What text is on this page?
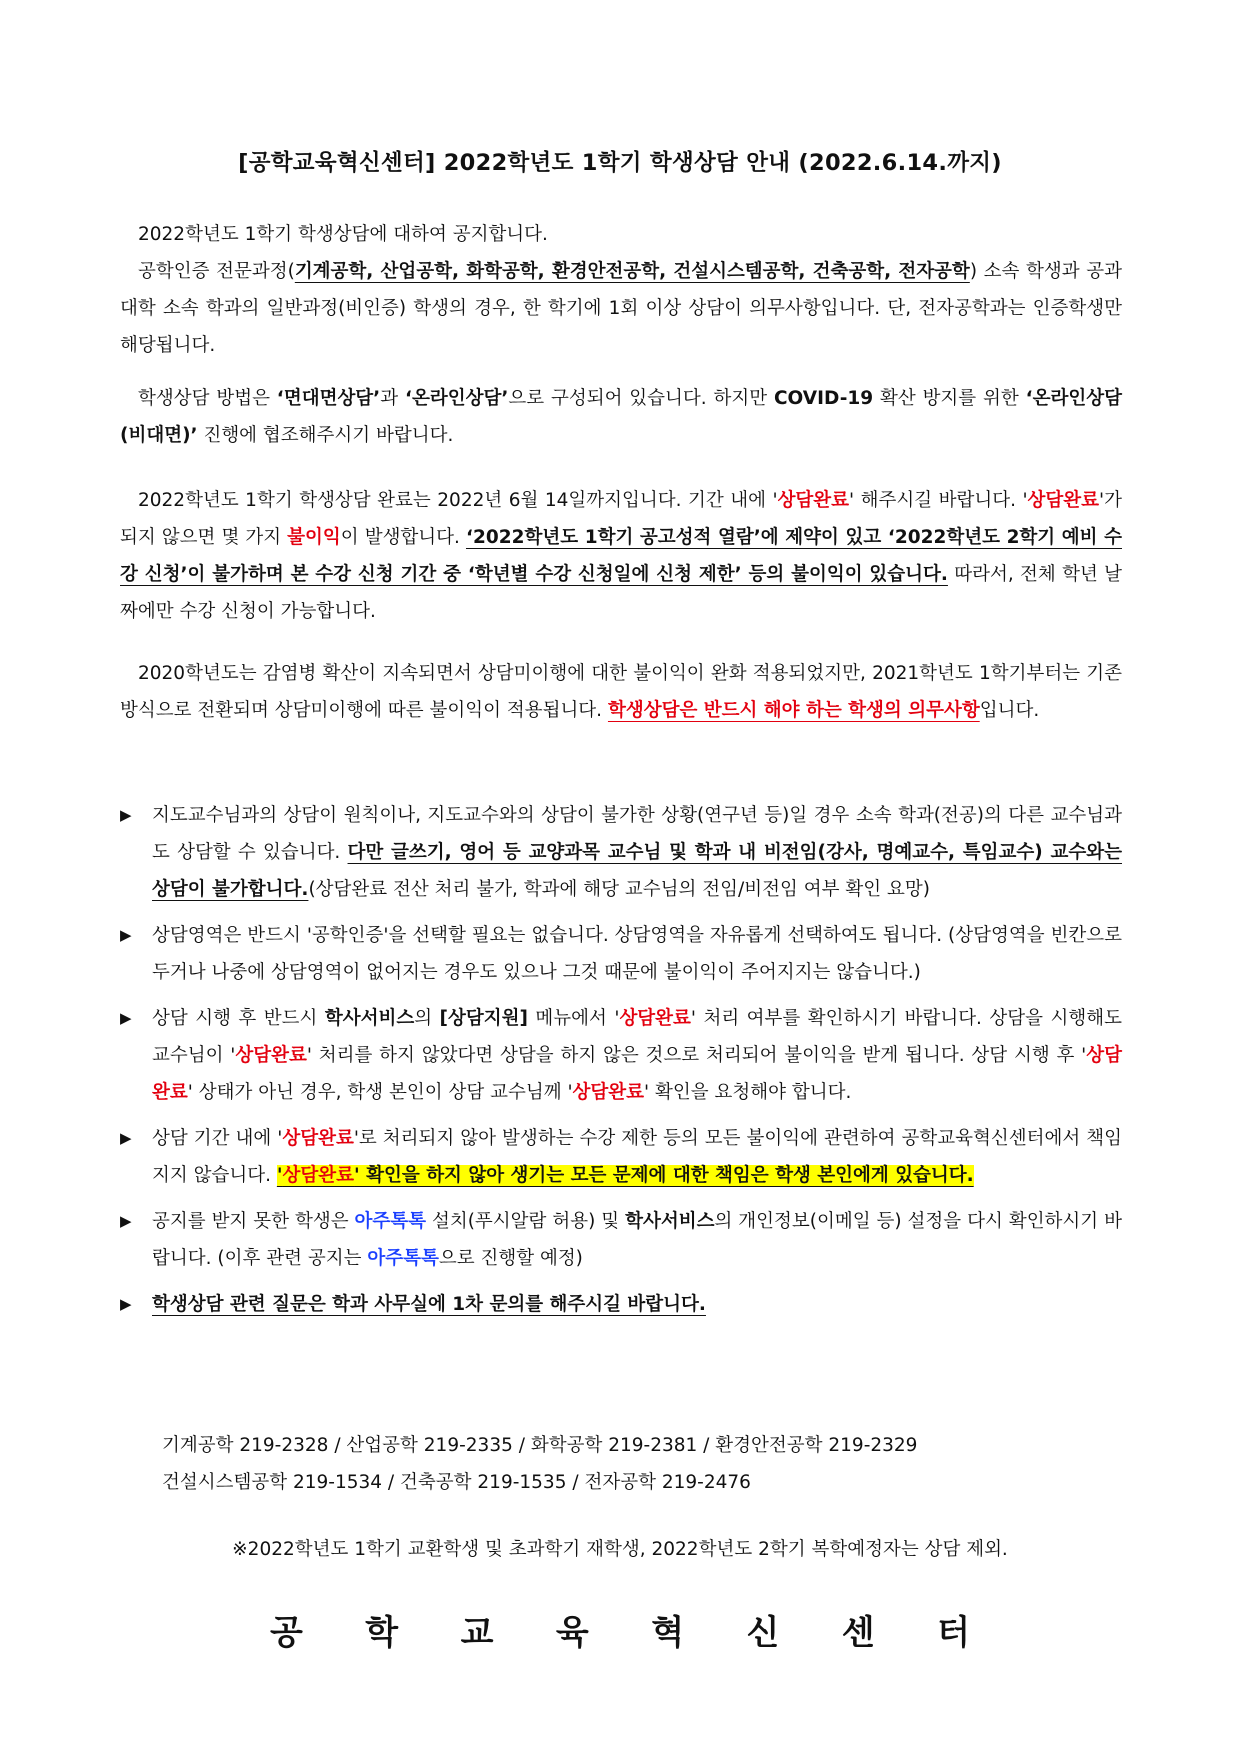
[공학교육혁신센터] 2022학년도 1학기 학생상담 안내 (2022.6.14.까지)
2022학년도 1학기 학생상담에 대하여 공지합니다.
공학인증 전문과정(기계공학, 산업공학, 화학공학, 환경안전공학, 건설시스템공학, 건축공학, 전자공학) 소속 학생과 공과대학 소속 학과의 일반과정(비인증) 학생의 경우, 한 학기에 1회 이상 상담이 의무사항입니다. 단, 전자공학과는 인증학생만 해당됩니다.
학생상담 방법은 ‘면대면상담’과 ‘온라인상담’으로 구성되어 있습니다. 하지만 COVID-19 확산 방지를 위한 ‘온라인상담(비대면)’ 진행에 협조해주시기 바랍니다.
2022학년도 1학기 학생상담 완료는 2022년 6월 14일까지입니다. 기간 내에 '상담완료' 해주시길 바랍니다. '상담완료'가 되지 않으면 몇 가지 불이익이 발생합니다. ‘2022학년도 1학기 공고성적 열람’에 제약이 있고 ‘2022학년도 2학기 예비 수강 신청’이 불가하며 본 수강 신청 기간 중 ‘학년별 수강 신청일에 신청 제한’ 등의 불이익이 있습니다. 따라서, 전체 학년 날짜에만 수강 신청이 가능합니다.
2020학년도는 감염병 확산이 지속되면서 상담미이행에 대한 불이익이 완화 적용되었지만, 2021학년도 1학기부터는 기존 방식으로 전환되며 상담미이행에 따른 불이익이 적용됩니다. 학생상담은 반드시 해야 하는 학생의 의무사항입니다.
▶ 지도교수님과의 상담이 원칙이나, 지도교수와의 상담이 불가한 상황(연구년 등)일 경우 소속 학과(전공)의 다른 교수님과도 상담할 수 있습니다. 다만 글쓰기, 영어 등 교양과목 교수님 및 학과 내 비전임(강사, 명예교수, 특임교수) 교수와는 상담이 불가합니다.(상담완료 전산 처리 불가, 학과에 해당 교수님의 전임/비전임 여부 확인 요망)
▶ 상담영역은 반드시 '공학인증'을 선택할 필요는 없습니다. 상담영역을 자유롭게 선택하여도 됩니다. (상담영역을 빈칸으로 두거나 나중에 상담영역이 없어지는 경우도 있으나 그것 때문에 불이익이 주어지지는 않습니다.)
▶ 상담 시행 후 반드시 학사서비스의 [상담지원] 메뉴에서 '상담완료' 처리 여부를 확인하시기 바랍니다. 상담을 시행해도 교수님이 '상담완료' 처리를 하지 않았다면 상담을 하지 않은 것으로 처리되어 불이익을 받게 됩니다. 상담 시행 후 '상담완료' 상태가 아닌 경우, 학생 본인이 상담 교수님께 '상담완료' 확인을 요청해야 합니다.
▶ 상담 기간 내에 '상담완료'로 처리되지 않아 발생하는 수강 제한 등의 모든 불이익에 관련하여 공학교육혁신센터에서 책임지지 않습니다. '상담완료' 확인을 하지 않아 생기는 모든 문제에 대한 책임은 학생 본인에게 있습니다.
▶ 공지를 받지 못한 학생은 아주톡톡 설치(푸시알람 허용) 및 학사서비스의 개인정보(이메일 등) 설정을 다시 확인하시기 바랍니다. (이후 관련 공지는 아주톡톡으로 진행할 예정)
▶ 학생상담 관련 질문은 학과 사무실에 1차 문의를 해주시길 바랍니다.
기계공학 219-2328 / 산업공학 219-2335 / 화학공학 219-2381 / 환경안전공학 219-2329
건설시스템공학 219-1534 / 건축공학 219-1535 / 전자공학 219-2476
※2022학년도 1학기 교환학생 및 초과학기 재학생, 2022학년도 2학기 복학예정자는 상담 제외.
공 학 교 육 혁 신 센 터
